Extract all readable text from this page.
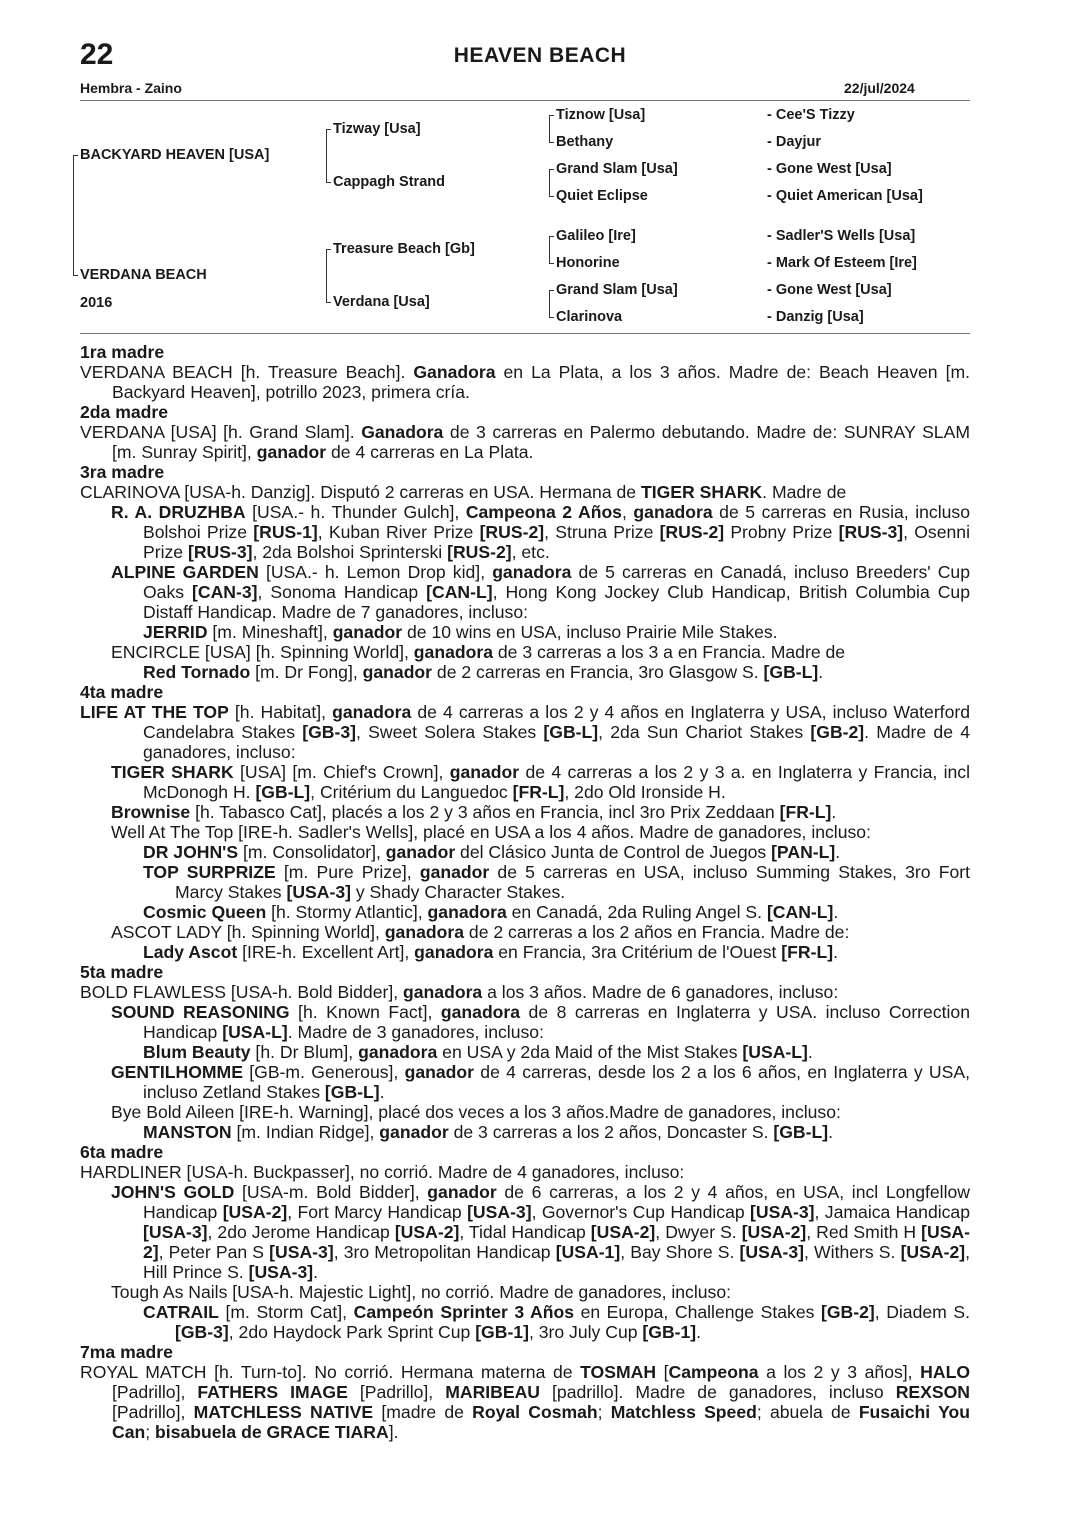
22	HEAVEN BEACH
Hembra - Zaino	22/jul/2024
BACKYARD HEAVEN [USA]
VERDANA BEACH
2016
Tizway [Usa]
Cappagh Strand
Treasure Beach [Gb]
Verdana [Usa]
Tiznow [Usa]
Bethany
Grand Slam [Usa]
Quiet Eclipse
Galileo [Ire]
Honorine
Grand Slam [Usa]
Clarinova
- Cee'S Tizzy
- Dayjur
- Gone West [Usa]
- Quiet American [Usa]
- Sadler'S Wells [Usa]
- Mark Of Esteem [Ire]
- Gone West [Usa]
- Danzig [Usa]

1ra madre

VERDANA BEACH [h. Treasure Beach]. Ganadora en La Plata, a los 3 años. Madre de: Beach Heaven [m. Backyard Heaven], potrillo 2023, primera cría.

2da madre

VERDANA [USA] [h. Grand Slam]. Ganadora de 3 carreras en Palermo debutando. Madre de: SUNRAY SLAM [m. Sunray Spirit], ganador de 4 carreras en La Plata.

3ra madre

CLARINOVA [USA-h. Danzig]. Disputó 2 carreras en USA. Hermana de TIGER SHARK. Madre de

R. A. DRUZHBA [USA.- h. Thunder Gulch], Campeona 2 Años, ganadora de 5 carreras en Rusia, incluso Bolshoi Prize [RUS-1], Kuban River Prize [RUS-2], Struna Prize [RUS-2] Probny Prize [RUS-3], Osenni Prize [RUS-3], 2da Bolshoi Sprinterski [RUS-2], etc.

ALPINE GARDEN [USA.- h. Lemon Drop kid], ganadora de 5 carreras en Canadá, incluso Breeders' Cup Oaks [CAN-3], Sonoma Handicap [CAN-L], Hong Kong Jockey Club Handicap, British Columbia Cup Distaff Handicap. Madre de 7 ganadores, incluso:

JERRID [m. Mineshaft], ganador de 10 wins en USA, incluso Prairie Mile Stakes.

ENCIRCLE [USA] [h. Spinning World], ganadora de 3 carreras a los 3 a en Francia. Madre de

Red Tornado [m. Dr Fong], ganador de 2 carreras en Francia, 3ro Glasgow S. [GB-L].

4ta madre

LIFE AT THE TOP [h. Habitat], ganadora de 4 carreras a los 2 y 4 años en Inglaterra y USA, incluso Waterford Candelabra Stakes [GB-3], Sweet Solera Stakes [GB-L], 2da Sun Chariot Stakes [GB-2]. Madre de 4 ganadores, incluso:

TIGER SHARK [USA] [m. Chief's Crown], ganador de 4 carreras a los 2 y 3 a. en Inglaterra y Francia, incl McDonogh H. [GB-L], Critérium du Languedoc [FR-L], 2do Old Ironside H.

Brownise [h. Tabasco Cat], placés a los 2 y 3 años en Francia, incl 3ro Prix Zeddaan [FR-L].

Well At The Top [IRE-h. Sadler's Wells], placé en USA a los 4 años. Madre de ganadores, incluso:

DR JOHN'S [m. Consolidator], ganador del Clásico Junta de Control de Juegos [PAN-L].

TOP SURPRIZE [m. Pure Prize], ganador de 5 carreras en USA, incluso Summing Stakes, 3ro Fort Marcy Stakes [USA-3] y Shady Character Stakes.

Cosmic Queen [h. Stormy Atlantic], ganadora en Canadá, 2da Ruling Angel S. [CAN-L].

ASCOT LADY [h. Spinning World], ganadora de 2 carreras a los 2 años en Francia. Madre de:

Lady Ascot [IRE-h. Excellent Art], ganadora en Francia, 3ra Critérium de l'Ouest [FR-L].

5ta madre

BOLD FLAWLESS [USA-h. Bold Bidder], ganadora a los 3 años. Madre de 6 ganadores, incluso:

SOUND REASONING [h. Known Fact], ganadora de 8 carreras en Inglaterra y USA. incluso Correction Handicap [USA-L]. Madre de 3 ganadores, incluso:

Blum Beauty [h. Dr Blum], ganadora en USA y 2da Maid of the Mist Stakes [USA-L].

GENTILHOMME [GB-m. Generous], ganador de 4 carreras, desde los 2 a los 6 años, en Inglaterra y USA, incluso Zetland Stakes [GB-L].

Bye Bold Aileen [IRE-h. Warning], placé dos veces a los 3 años.Madre de ganadores, incluso:

MANSTON [m. Indian Ridge], ganador de 3 carreras a los 2 años, Doncaster S. [GB-L].

6ta madre

HARDLINER [USA-h. Buckpasser], no corrió. Madre de 4 ganadores, incluso:

JOHN'S GOLD [USA-m. Bold Bidder], ganador de 6 carreras, a los 2 y 4 años, en USA, incl Longfellow Handicap [USA-2], Fort Marcy Handicap [USA-3], Governor's Cup Handicap [USA-3], Jamaica Handicap [USA-3], 2do Jerome Handicap [USA-2], Tidal Handicap [USA-2], Dwyer S. [USA-2], Red Smith H [USA-2], Peter Pan S [USA-3], 3ro Metropolitan Handicap [USA-1], Bay Shore S. [USA-3], Withers S. [USA-2], Hill Prince S. [USA-3].

Tough As Nails [USA-h. Majestic Light], no corrió. Madre de ganadores, incluso:

CATRAIL [m. Storm Cat], Campeón Sprinter 3 Años en Europa, Challenge Stakes [GB-2], Diadem S. [GB-3], 2do Haydock Park Sprint Cup [GB-1], 3ro July Cup [GB-1].

7ma madre

ROYAL MATCH [h. Turn-to]. No corrió. Hermana materna de TOSMAH [Campeona a los 2 y 3 años], HALO [Padrillo], FATHERS IMAGE [Padrillo], MARIBEAU [padrillo]. Madre de ganadores, incluso REXSON [Padrillo], MATCHLESS NATIVE [madre de Royal Cosmah; Matchless Speed; abuela de Fusaichi You Can; bisabuela de GRACE TIARA].
